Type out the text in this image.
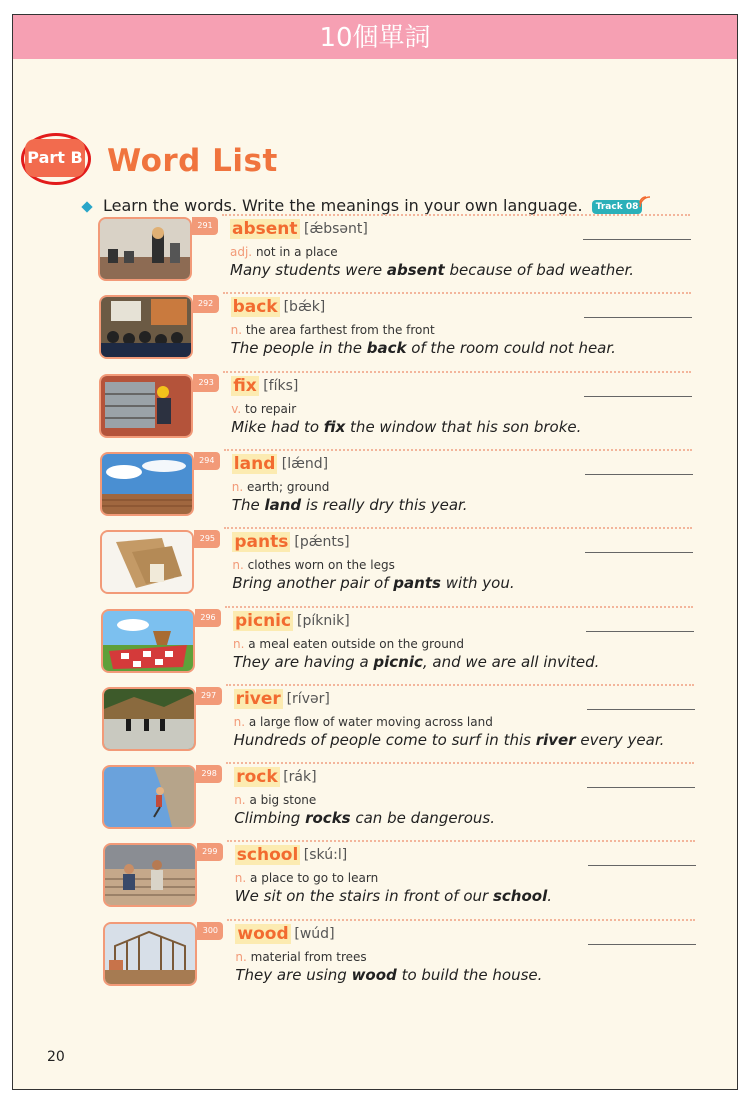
10個單詞
Part B Word List
Learn the words. Write the meanings in your own language. Track 08
291	absent [ǽbsənt]
adj. not in a place
Many students were absent because of bad weather.
292	back [bǽk]
n. the area farthest from the front
The people in the back of the room could not hear.
293	fix [fíks]
v. to repair
Mike had to fix the window that his son broke.
294	land [lǽnd]
n. earth; ground
The land is really dry this year.
295	pants [pǽnts]
n. clothes worn on the legs
Bring another pair of pants with you.
296	picnic [píknik]
n. a meal eaten outside on the ground
They are having a picnic, and we are all invited.
297	river [rívər]
n. a large flow of water moving across land
Hundreds of people come to surf in this river every year.
298	rock [rák]
n. a big stone
Climbing rocks can be dangerous.
299	school [skú:l]
n. a place to go to learn
We sit on the stairs in front of our school.
300	wood [wúd]
n. material from trees
They are using wood to build the house.
20
